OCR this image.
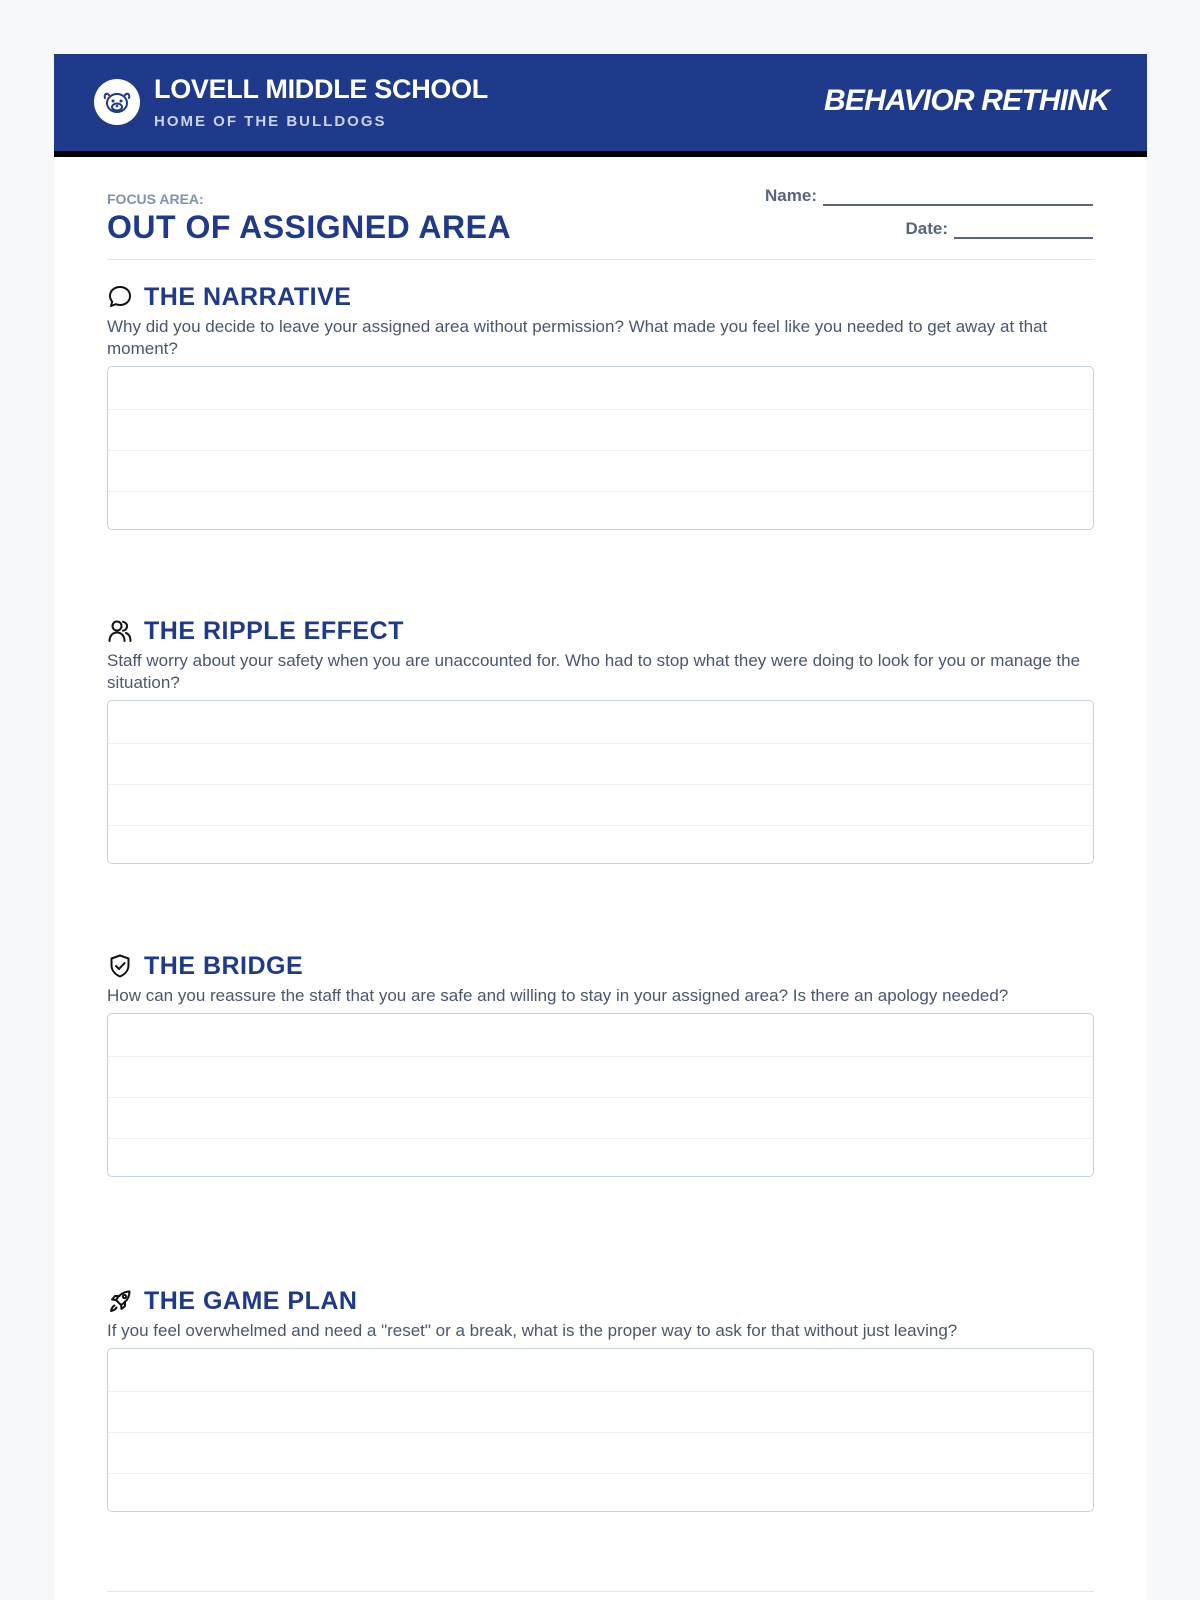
LOVELL MIDDLE SCHOOL
HOME OF THE BULLDOGS
BEHAVIOR RETHINK
FOCUS AREA:
OUT OF ASSIGNED AREA
Name:
Date:
THE NARRATIVE
Why did you decide to leave your assigned area without permission? What made you feel like you needed to get away at that moment?
THE RIPPLE EFFECT
Staff worry about your safety when you are unaccounted for. Who had to stop what they were doing to look for you or manage the situation?
THE BRIDGE
How can you reassure the staff that you are safe and willing to stay in your assigned area? Is there an apology needed?
THE GAME PLAN
If you feel overwhelmed and need a "reset" or a break, what is the proper way to ask for that without just leaving?
